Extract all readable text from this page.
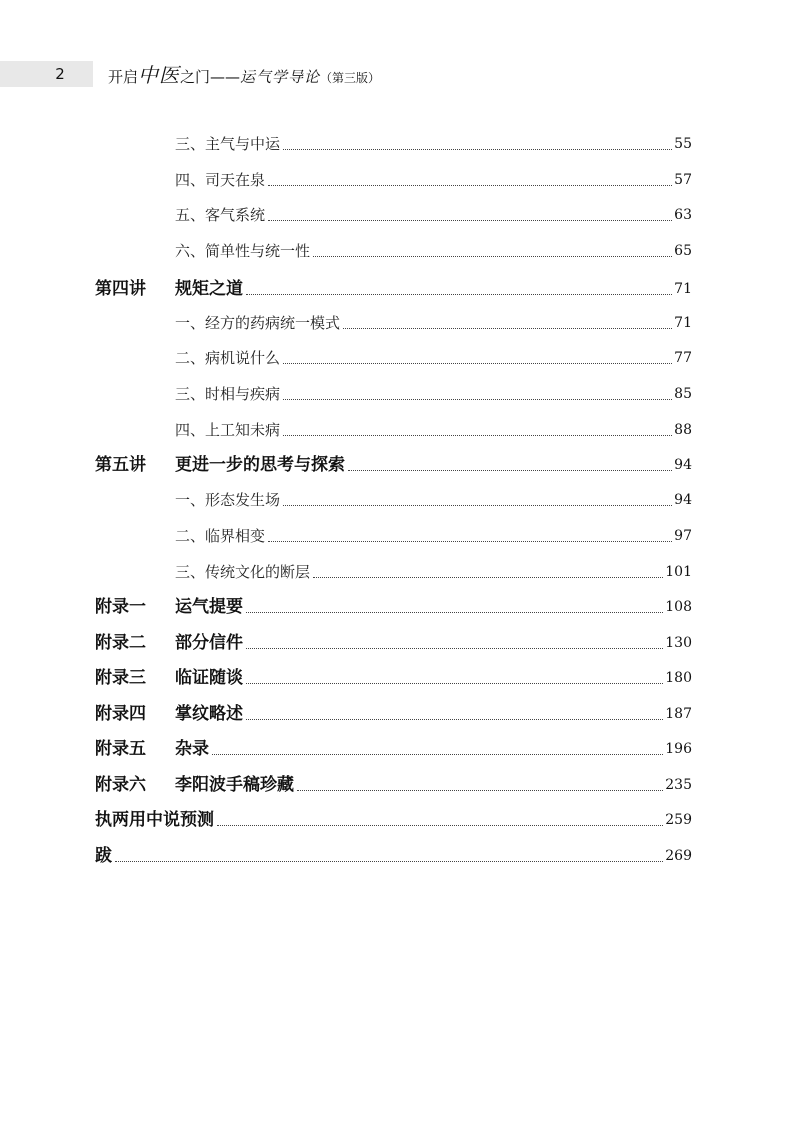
2	开启中医之门——运气学导论（第三版）
三、主气与中运	55
四、司天在泉	57
五、客气系统	63
六、简单性与统一性	65
第四讲	规矩之道	71
一、经方的药病统一模式	71
二、病机说什么	77
三、时相与疾病	85
四、上工知未病	88
第五讲	更进一步的思考与探索	94
一、形态发生场	94
二、临界相变	97
三、传统文化的断层	101
附录一	运气提要	108
附录二	部分信件	130
附录三	临证随谈	180
附录四	掌纹略述	187
附录五	杂录	196
附录六	李阳波手稿珍藏	235
执两用中说预测	259
跋	269
